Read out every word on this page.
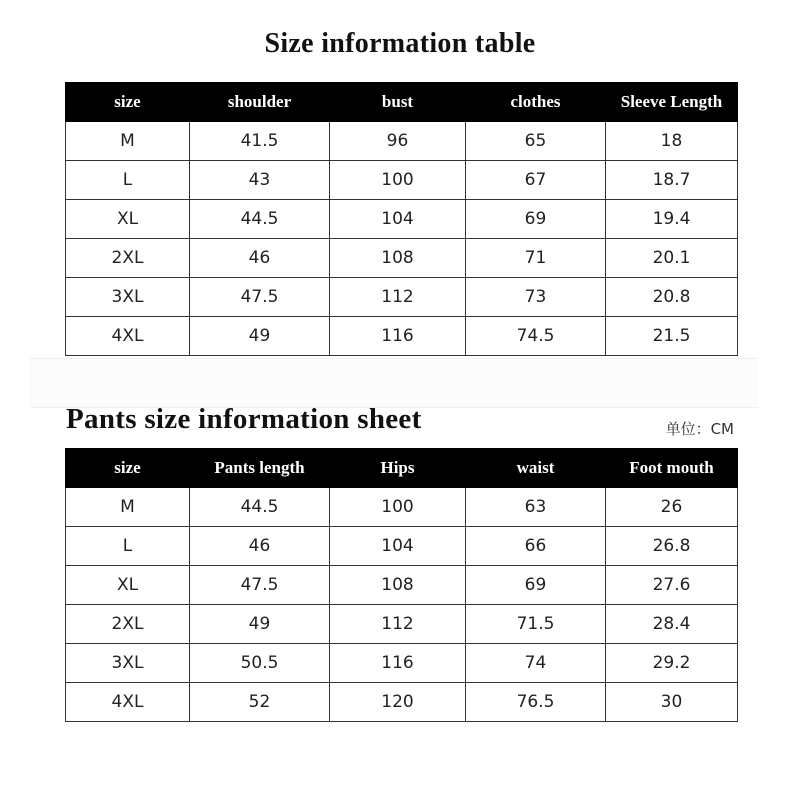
Size information table
size	shoulder	bust	clothes	Sleeve Length
M	41.5	96	65	18
L	43	100	67	18.7
XL	44.5	104	69	19.4
2XL	46	108	71	20.1
3XL	47.5	112	73	20.8
4XL	49	116	74.5	21.5
Pants size information sheet	单位：CM
size	Pants length	Hips	waist	Foot mouth
M	44.5	100	63	26
L	46	104	66	26.8
XL	47.5	108	69	27.6
2XL	49	112	71.5	28.4
3XL	50.5	116	74	29.2
4XL	52	120	76.5	30
